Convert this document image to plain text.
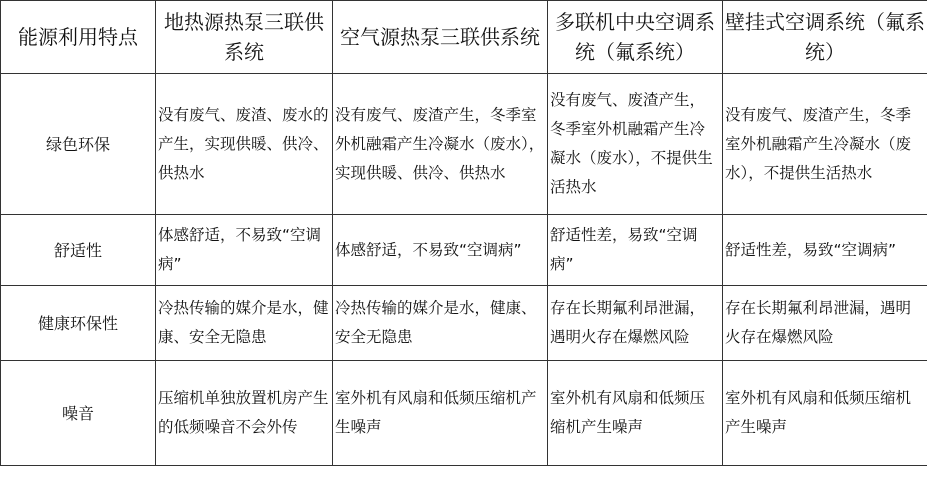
能源利用特点	地热源热泵三联供系统	空气源热泵三联供系统	多联机中央空调系统（氟系统）	壁挂式空调系统（氟系统）
绿色环保	没有废气、废渣、废水的产生，实现供暖、供冷、供热水	没有废气、废渣产生，冬季室外机融霜产生冷凝水（废水），实现供暖、供冷、供热水	没有废气、废渣产生，冬季室外机融霜产生冷凝水（废水），不提供生活热水	没有废气、废渣产生，冬季室外机融霜产生冷凝水（废水），不提供生活热水
舒适性	体感舒适，不易致“空调病”	体感舒适，不易致“空调病”	舒适性差，易致“空调病”	舒适性差，易致“空调病”
健康环保性	冷热传输的媒介是水，健康、安全无隐患	冷热传输的媒介是水，健康、安全无隐患	存在长期氟利昂泄漏，遇明火存在爆燃风险	存在长期氟利昂泄漏，遇明火存在爆燃风险
噪音	压缩机单独放置机房产生的低频噪音不会外传	室外机有风扇和低频压缩机产生噪声	室外机有风扇和低频压缩机产生噪声	室外机有风扇和低频压缩机产生噪声
